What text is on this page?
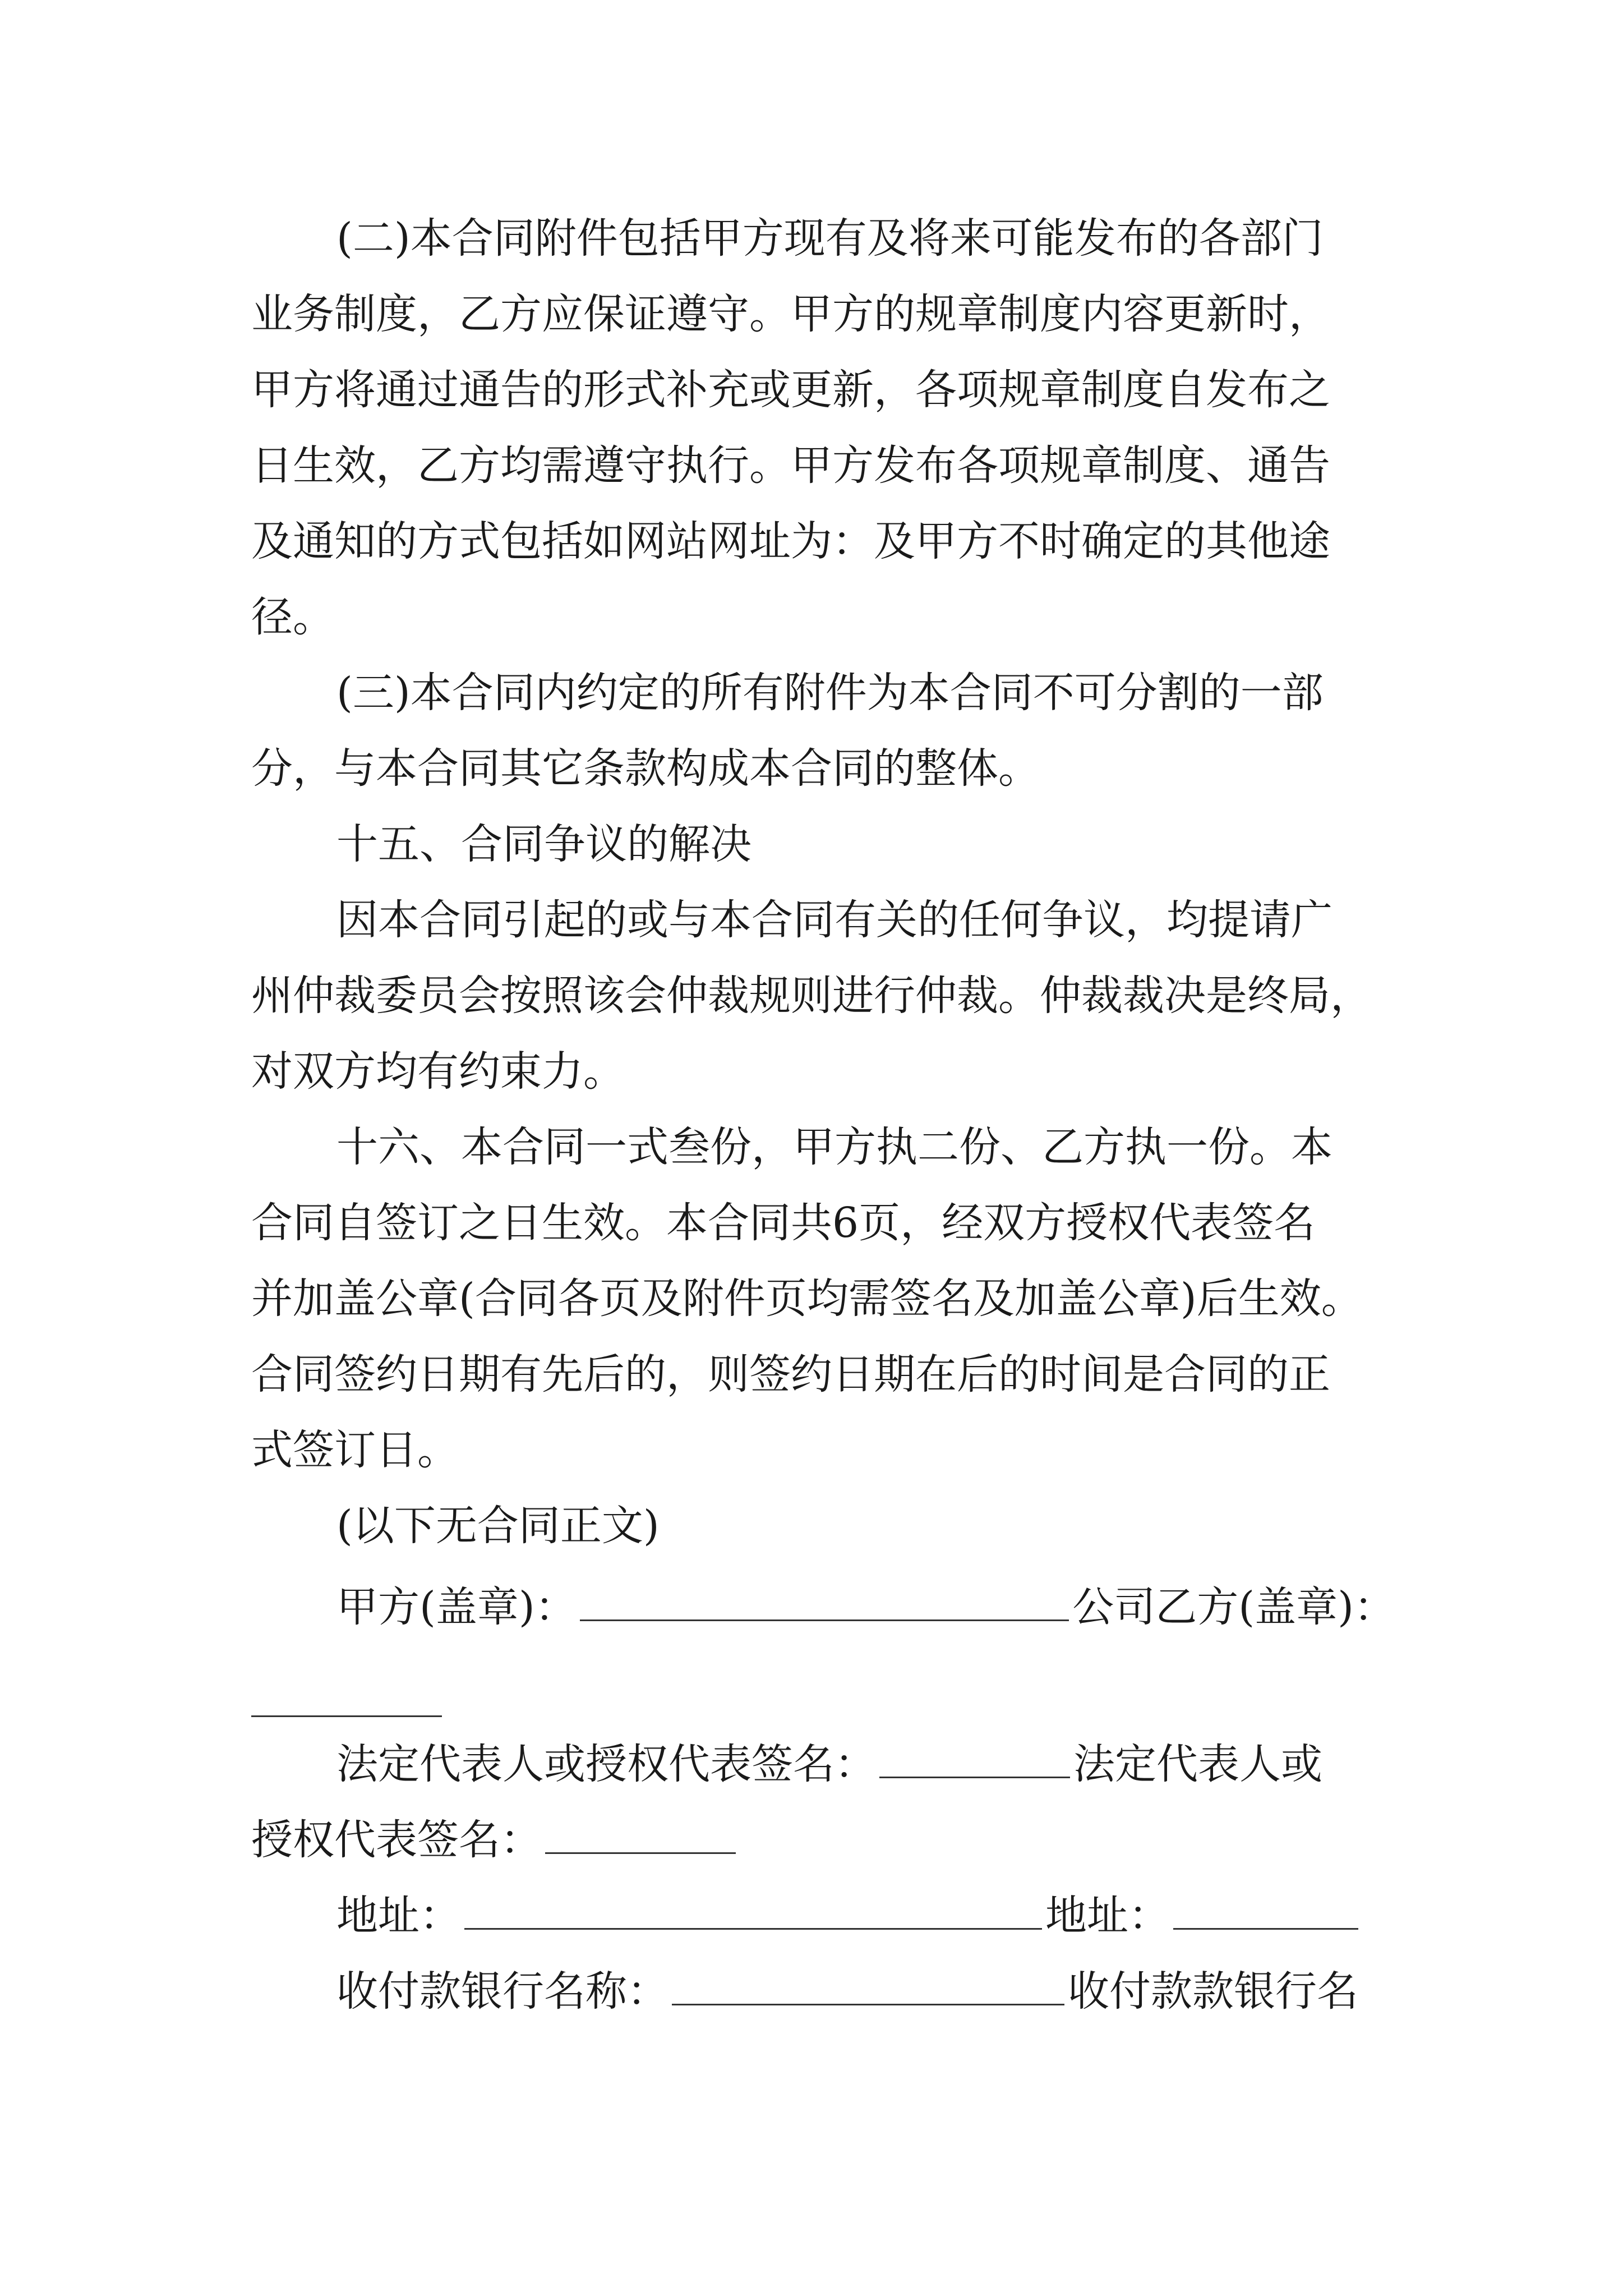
(二)本合同附件包括甲方现有及将来可能发布的各部门
业务制度，乙方应保证遵守。甲方的规章制度内容更新时，
甲方将通过通告的形式补充或更新，各项规章制度自发布之
日生效，乙方均需遵守执行。甲方发布各项规章制度、通告
及通知的方式包括如网站网址为：及甲方不时确定的其他途
径。
(三)本合同内约定的所有附件为本合同不可分割的一部
分，与本合同其它条款构成本合同的整体。
十五、合同争议的解决
因本合同引起的或与本合同有关的任何争议，均提请广
州仲裁委员会按照该会仲裁规则进行仲裁。仲裁裁决是终局，
对双方均有约束力。
十六、本合同一式叁份，甲方执二份、乙方执一份。本
合同自签订之日生效。本合同共6页，经双方授权代表签名
并加盖公章(合同各页及附件页均需签名及加盖公章)后生效。
合同签约日期有先后的，则签约日期在后的时间是合同的正
式签订日。
(以下无合同正文)
甲方(盖章)：	公司乙方(盖章)：
法定代表人或授权代表签名：	法定代表人或
授权代表签名：
地址：	地址：
收付款银行名称：	收付款款银行名
